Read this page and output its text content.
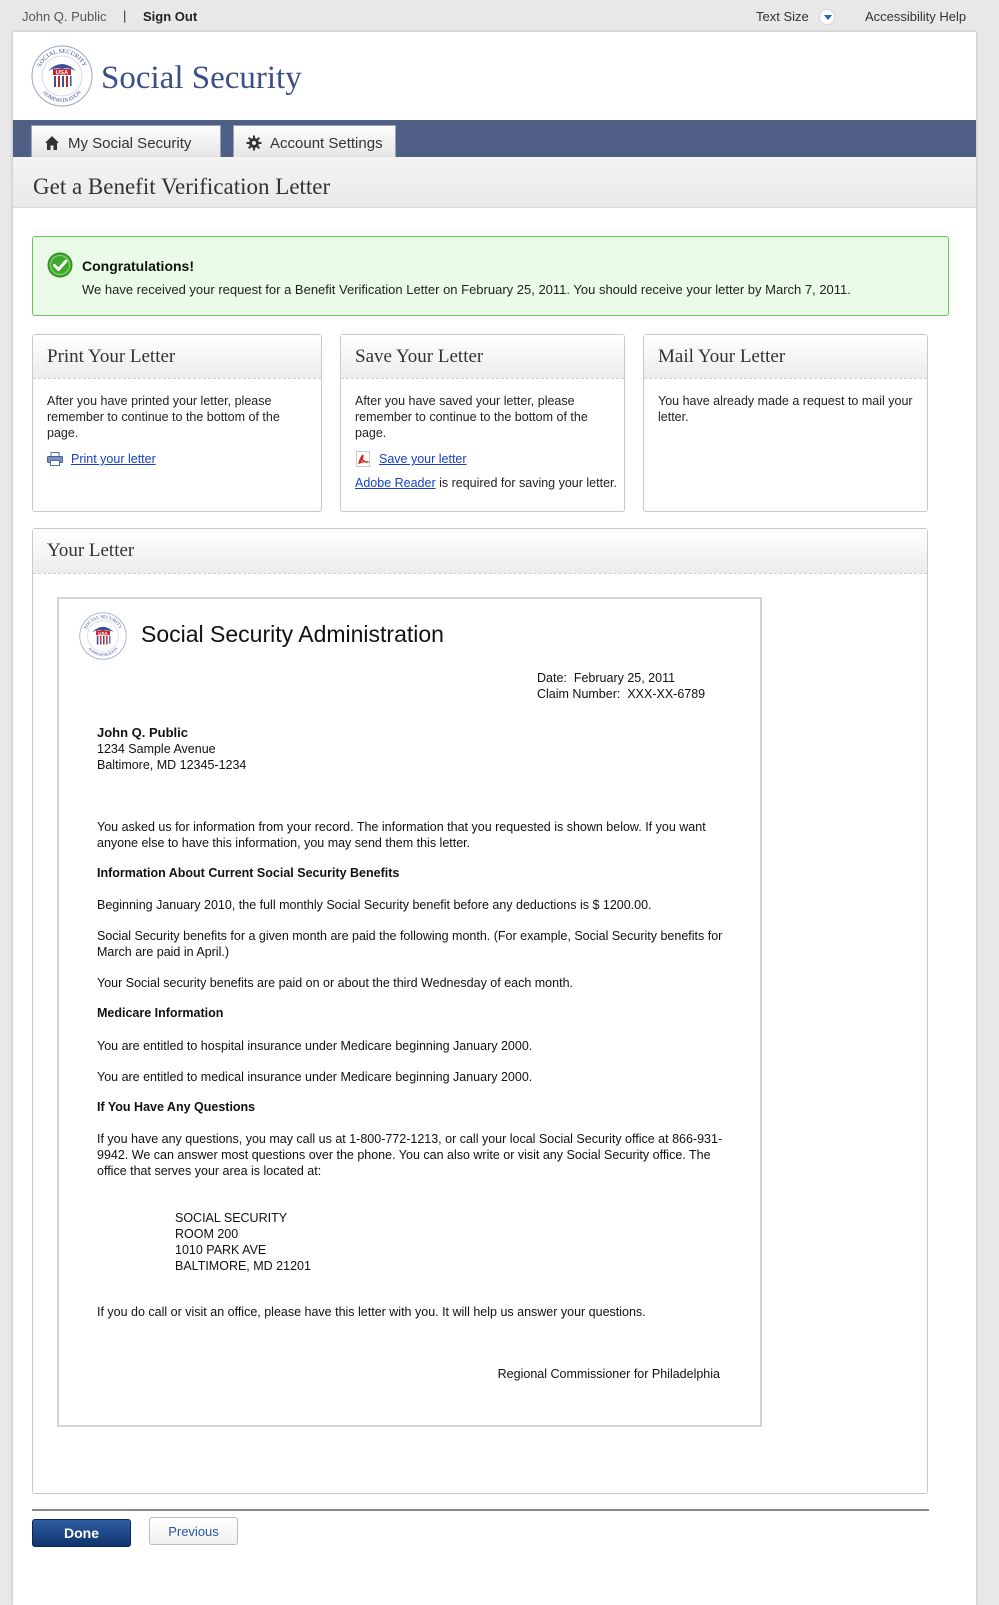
John Q. Public | Sign Out	Text Size	Accessibility Help
SOCIAL SECURITY
ADMINISTRATION
USA Social Security
My Social Security	Account Settings
Get a Benefit Verification Letter
Congratulations!
We have received your request for a Benefit Verification Letter on February 25, 2011. You should receive your letter by March 7, 2011.
Print Your Letter
After you have printed your letter, please remember to continue to the bottom of the page.
Print your letter
Save Your Letter
After you have saved your letter, please remember to continue to the bottom of the page.
Save your letter
Adobe Reader is required for saving your letter.
Mail Your Letter
You have already made a request to mail your letter.
Your Letter
SOCIAL SECURITY
ADMINISTRATION
USA Social Security Administration
Date: February 25, 2011
Claim Number: XXX-XX-6789
John Q. Public
1234 Sample Avenue
Baltimore, MD 12345-1234
You asked us for information from your record. The information that you requested is shown below. If you want anyone else to have this information, you may send them this letter.
Information About Current Social Security Benefits
Beginning January 2010, the full monthly Social Security benefit before any deductions is $ 1200.00.
Social Security benefits for a given month are paid the following month. (For example, Social Security benefits for March are paid in April.)
Your Social security benefits are paid on or about the third Wednesday of each month.
Medicare Information
You are entitled to hospital insurance under Medicare beginning January 2000.
You are entitled to medical insurance under Medicare beginning January 2000.
If You Have Any Questions
If you have any questions, you may call us at 1-800-772-1213, or call your local Social Security office at 866-931-9942. We can answer most questions over the phone. You can also write or visit any Social Security office. The office that serves your area is located at:
SOCIAL SECURITY
ROOM 200
1010 PARK AVE
BALTIMORE, MD 21201
If you do call or visit an office, please have this letter with you. It will help us answer your questions.
Regional Commissioner for Philadelphia
Done	Previous
